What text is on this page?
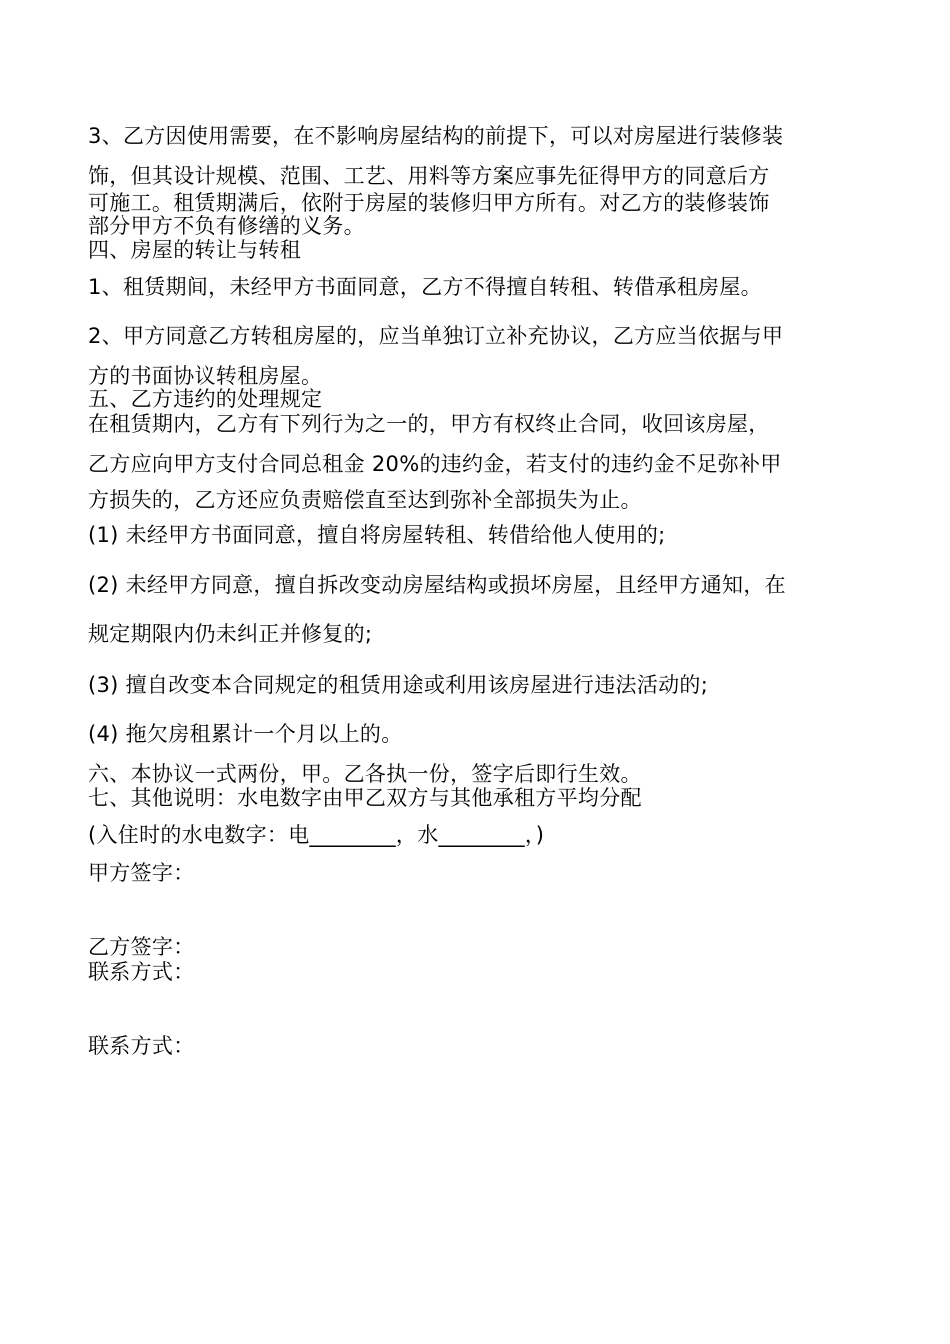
3、乙方因使用需要，在不影响房屋结构的前提下，可以对房屋进行装修装
饰，但其设计规模、范围、工艺、用料等方案应事先征得甲方的同意后方
可施工。租赁期满后，依附于房屋的装修归甲方所有。对乙方的装修装饰
部分甲方不负有修缮的义务。
四、房屋的转让与转租
1、租赁期间，未经甲方书面同意，乙方不得擅自转租、转借承租房屋。
2、甲方同意乙方转租房屋的，应当单独订立补充协议，乙方应当依据与甲
方的书面协议转租房屋。
五、乙方违约的处理规定
在租赁期内，乙方有下列行为之一的，甲方有权终止合同，收回该房屋，
乙方应向甲方支付合同总租金 20%的违约金，若支付的违约金不足弥补甲
方损失的，乙方还应负责赔偿直至达到弥补全部损失为止。
(1) 未经甲方书面同意，擅自将房屋转租、转借给他人使用的;
(2) 未经甲方同意，擅自拆改变动房屋结构或损坏房屋，且经甲方通知，在
规定期限内仍未纠正并修复的;
(3) 擅自改变本合同规定的租赁用途或利用该房屋进行违法活动的;
(4) 拖欠房租累计一个月以上的。
六、本协议一式两份，甲。乙各执一份，签字后即行生效。
七、其他说明：水电数字由甲乙双方与其他承租方平均分配
(入住时的水电数字：电________，水________，)
甲方签字：
乙方签字：
联系方式：
联系方式：
